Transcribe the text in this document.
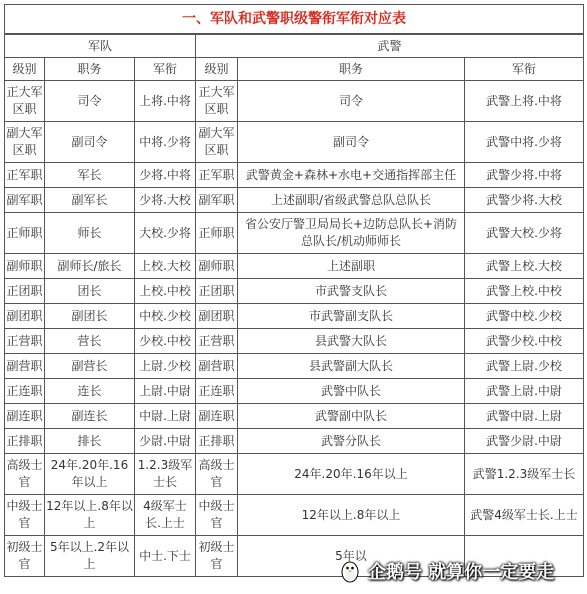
一、军队和武警职级警衔军衔对应表					
军队			武警		
级别	职务	军衔	级别	职务	军衔
正大军区职	司令	上将.中将	正大军区职	司令	武警上将.中将
副大军区职	副司令	中将.少将	副大军区职	副司令	武警中将.少将
正军职	军长	少将.中将	正军职	武警黄金+森林+水电+交通指挥部主任	武警少将.中将
副军职	副军长	少将.大校	副军职	上述副职/省级武警总队总队长	武警少将.大校
正师职	师长	大校.少将	正师职	省公安厅警卫局局长+边防总队长+消防总队长/机动师师长	武警大校.少将
副师职	副师长/旅长	上校.大校	副师职	上述副职	武警上校.大校
正团职	团长	上校.中校	正团职	市武警支队长	武警上校.中校
副团职	副团长	中校.少校	副团职	市武警副支队长	武警中校.少校
正营职	营长	少校.中校	正营职	县武警大队长	武警少校.中校
副营职	副营长	上尉.少校	副营职	县武警副大队长	武警上尉.少校
正连职	连长	上尉.中尉	正连职	武警中队长	武警上尉.中尉
副连职	副连长	中尉.上尉	副连职	武警副中队长	武警中尉.上尉
正排职	排长	少尉.中尉	正排职	武警分队长	武警少尉.中尉
高级士官	24年.20年.16年以上	1.2.3级军士长	高级士官	24年.20年.16年以上	武警1.2.3级军士长
中级士官	12年以上.8年以上	4级军士长.上士	中级士官	12年以上.8年以上	武警4级军士长.上士
初级士官	5年以上.2年以上	中士.下士	初级士官	5年以	
企鹅号 就算你一定要走
